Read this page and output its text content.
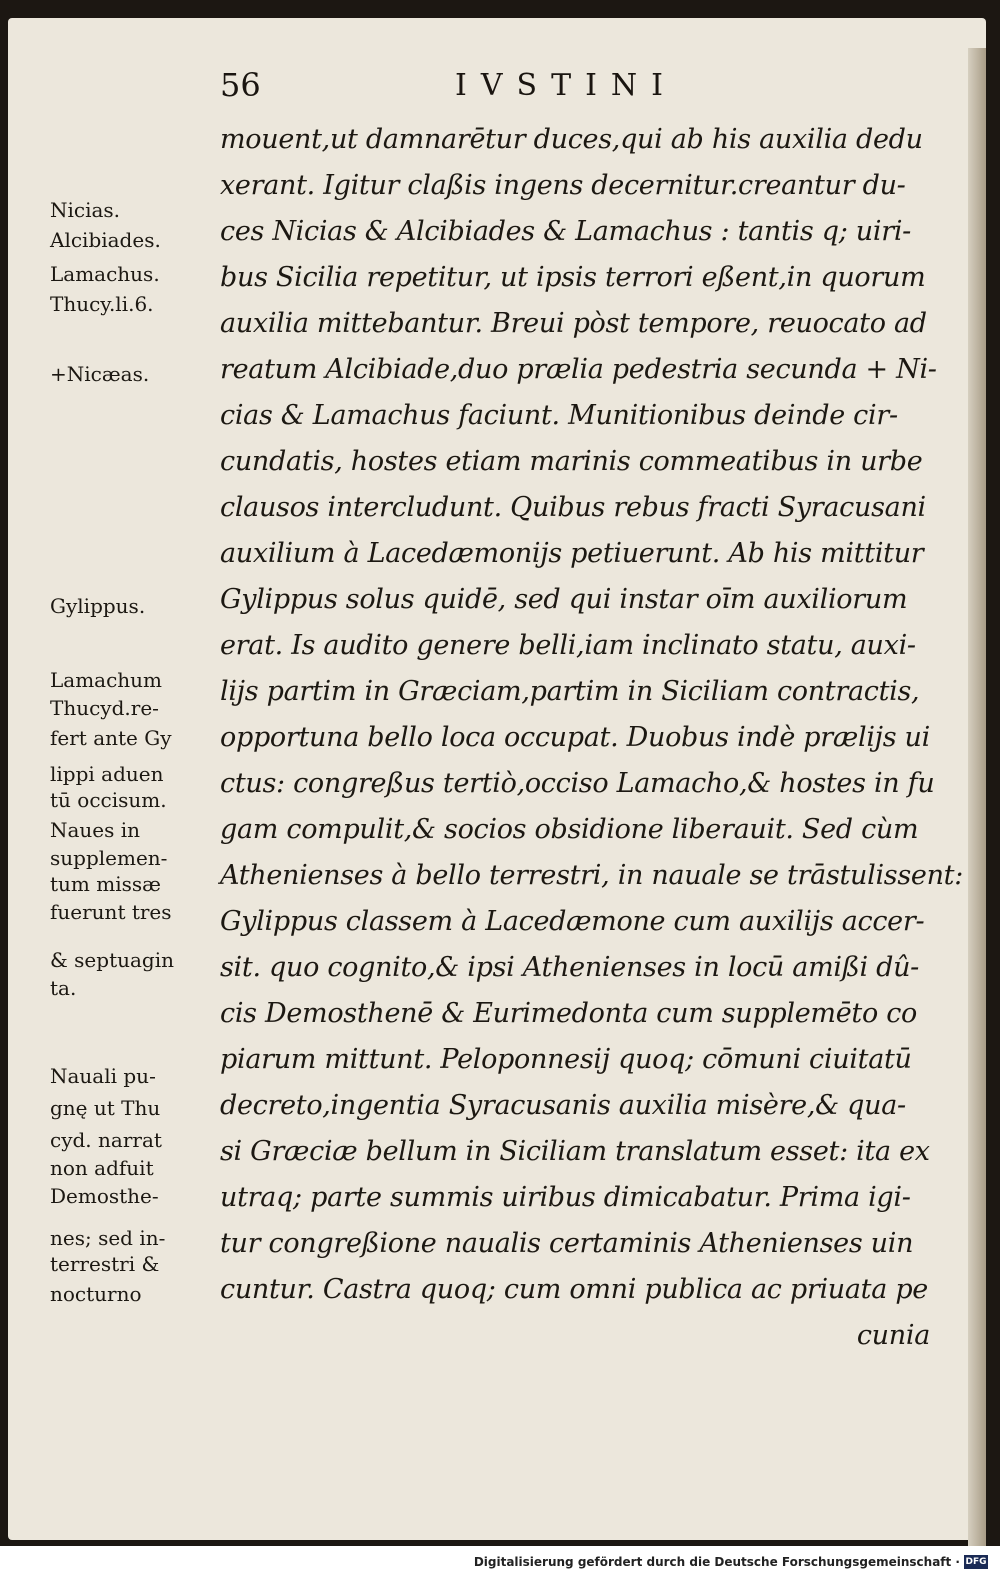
56	IVSTINI
mouent,ut damnarētur duces,qui ab his auxilia dedu
xerant. Igitur claßis ingens decernitur.creantur du-
ces Nicias & Alcibiades & Lamachus : tantis q; uiri-
bus Sicilia repetitur, ut ipsis terrori eßent,in quorum
auxilia mittebantur. Breui pòst tempore, reuocato ad
reatum Alcibiade,duo prælia pedestria secunda + Ni-
cias & Lamachus faciunt. Munitionibus deinde cir-
cundatis, hostes etiam marinis commeatibus in urbe
clausos intercludunt. Quibus rebus fracti Syracusani
auxilium à Lacedæmonijs petiuerunt. Ab his mittitur
Gylippus solus quidē, sed qui instar oīm auxiliorum
erat. Is audito genere belli,iam inclinato statu, auxi-
lijs partim in Græciam,partim in Siciliam contractis,
opportuna bello loca occupat. Duobus indè prælijs ui
ctus: congreßus tertiò,occiso Lamacho,& hostes in fu
gam compulit,& socios obsidione liberauit. Sed cùm
Athenienses à bello terrestri, in nauale se trāstulissent:
Gylippus classem à Lacedæmone cum auxilijs accer-
sit. quo cognito,& ipsi Athenienses in locū amißi dû-
cis Demosthenē & Eurimedonta cum supplemēto co
piarum mittunt. Peloponnesij quoq; cōmuni ciuitatū
decreto,ingentia Syracusanis auxilia misère,& qua-
si Græciæ bellum in Siciliam translatum esset: ita ex
utraq; parte summis uiribus dimicabatur. Prima igi-
tur congreßione naualis certaminis Athenienses uin
cuntur. Castra quoq; cum omni publica ac priuata pe
cunia
Nicias.
Alcibiades.
Lamachus.
Thucy.li.6.
+Nicæas.
Gylippus.
Lamachum
Thucyd.re-
fert ante Gy
lippi aduen
tū occisum.
Naues in
supplemen-
tum missæ
fuerunt tres
& septuagin
ta.
Nauali pu-
gnę ut Thu
cyd. narrat
non adfuit
Demosthe-
nes; sed in-
terrestri &
nocturno
Digitalisierung gefördert durch die Deutsche Forschungsgemeinschaft · DFG
